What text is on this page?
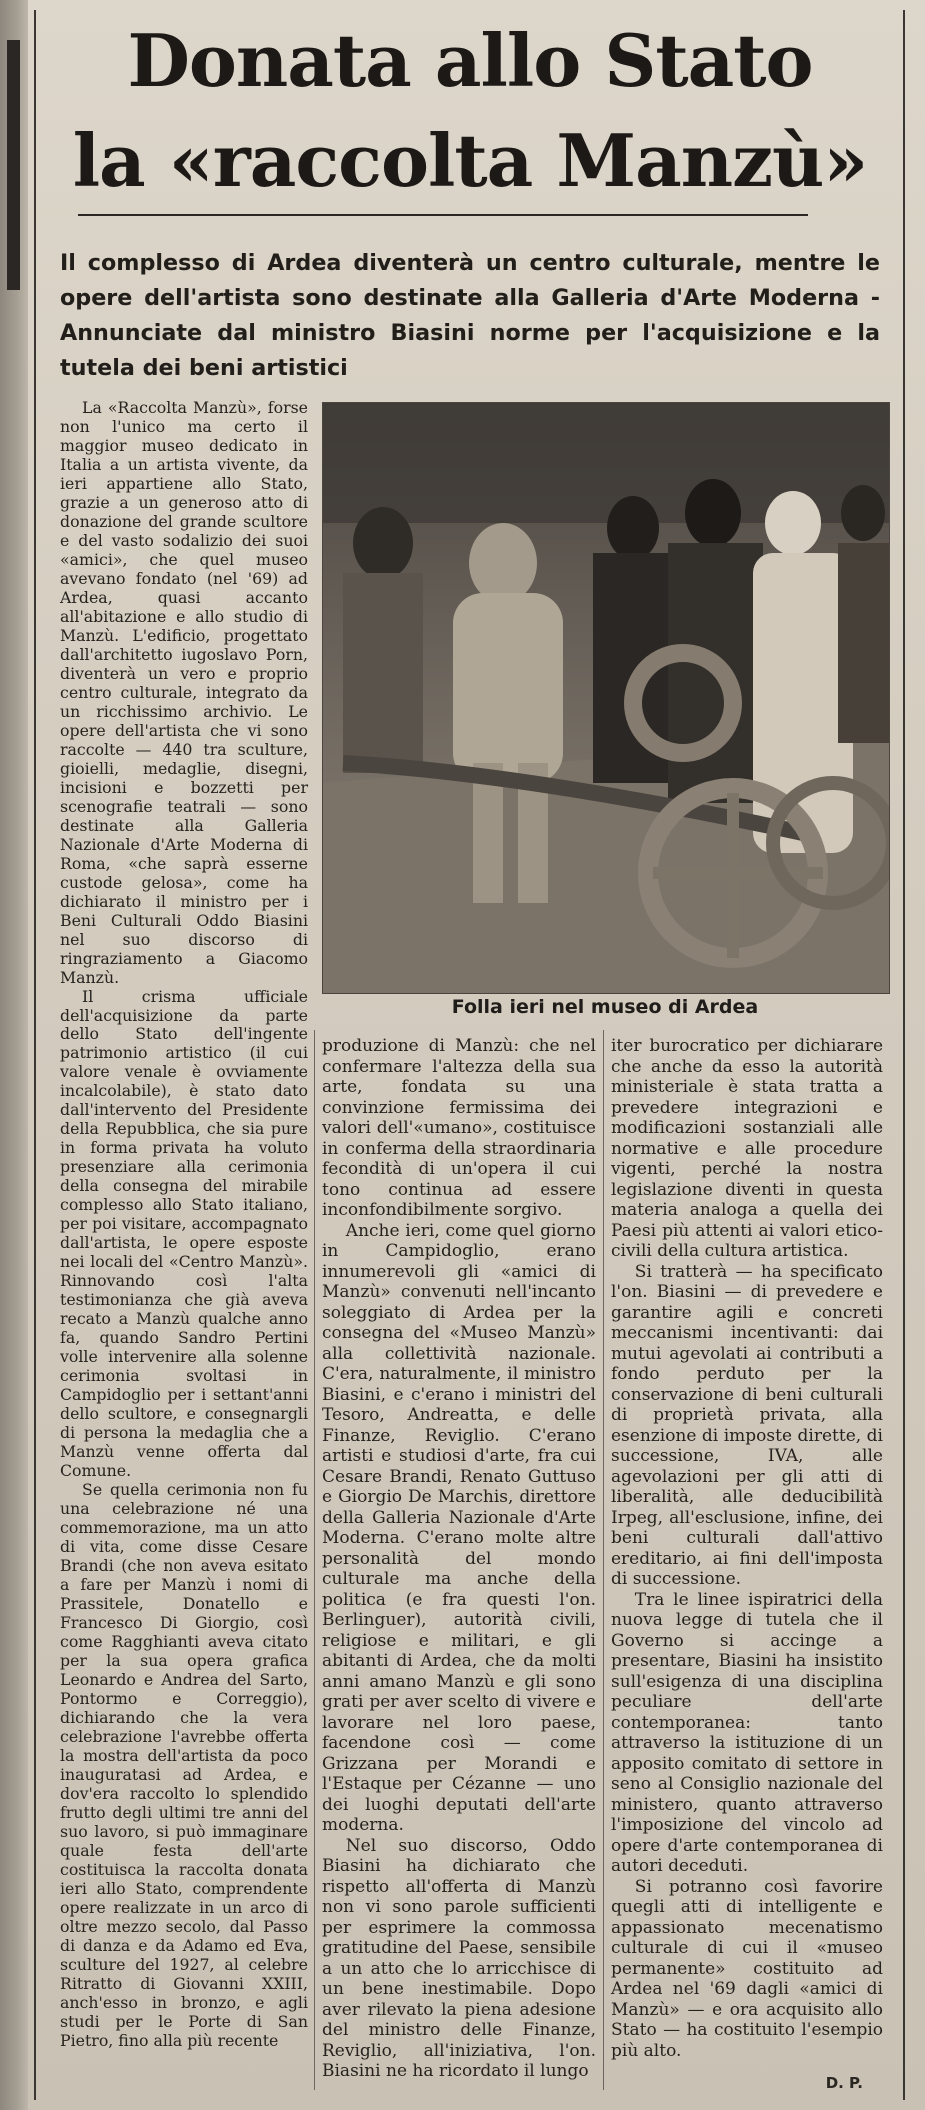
Donata allo Stato
la «raccolta Manzù»
Il complesso di Ardea diventerà un centro culturale, mentre le opere dell'artista sono destinate alla Galleria d'Arte Moderna - Annunciate dal ministro Biasini norme per l'acquisizione e la tutela dei beni artistici

La «Raccolta Manzù», forse non l'unico ma certo il maggior museo dedicato in Italia a un artista vivente, da ieri appartiene allo Stato, grazie a un generoso atto di donazione del grande scultore e del vasto sodalizio dei suoi «amici», che quel museo avevano fondato (nel '69) ad Ardea, quasi accanto all'abitazione e allo studio di Manzù. L'edificio, progettato dall'architetto iugoslavo Porn, diventerà un vero e proprio centro culturale, integrato da un ricchissimo archivio. Le opere dell'artista che vi sono raccolte — 440 tra sculture, gioielli, medaglie, disegni, incisioni e bozzetti per scenografie teatrali — sono destinate alla Galleria Nazionale d'Arte Moderna di Roma, «che saprà esserne custode gelosa», come ha dichiarato il ministro per i Beni Culturali Oddo Biasini nel suo discorso di ringraziamento a Giacomo Manzù.

Il crisma ufficiale dell'acquisizione da parte dello Stato dell'ingente patrimonio artistico (il cui valore venale è ovviamente incalcolabile), è stato dato dall'intervento del Presidente della Repubblica, che sia pure in forma privata ha voluto presenziare alla cerimonia della consegna del mirabile complesso allo Stato italiano, per poi visitare, accompagnato dall'artista, le opere esposte nei locali del «Centro Manzù». Rinnovando così l'alta testimonianza che già aveva recato a Manzù qualche anno fa, quando Sandro Pertini volle intervenire alla solenne cerimonia svoltasi in Campidoglio per i settant'anni dello scultore, e consegnargli di persona la medaglia che a Manzù venne offerta dal Comune.

Se quella cerimonia non fu una celebrazione né una commemorazione, ma un atto di vita, come disse Cesare Brandi (che non aveva esitato a fare per Manzù i nomi di Prassitele, Donatello e Francesco Di Giorgio, così come Ragghianti aveva citato per la sua opera grafica Leonardo e Andrea del Sarto, Pontormo e Correggio), dichiarando che la vera celebrazione l'avrebbe offerta la mostra dell'artista da poco inauguratasi ad Ardea, e dov'era raccolto lo splendido frutto degli ultimi tre anni del suo lavoro, si può immaginare quale festa dell'arte costituisca la raccolta donata ieri allo Stato, comprendente opere realizzate in un arco di oltre mezzo secolo, dal Passo di danza e da Adamo ed Eva, sculture del 1927, al celebre Ritratto di Giovanni XXIII, anch'esso in bronzo, e agli studi per le Porte di San Pietro, fino alla più recente

Folla ieri nel museo di Ardea

produzione di Manzù: che nel confermare l'altezza della sua arte, fondata su una convinzione fermissima dei valori dell'«umano», costituisce in conferma della straordinaria fecondità di un'opera il cui tono continua ad essere inconfondibilmente sorgivo.

Anche ieri, come quel giorno in Campidoglio, erano innumerevoli gli «amici di Manzù» convenuti nell'incanto soleggiato di Ardea per la consegna del «Museo Manzù» alla collettività nazionale. C'era, naturalmente, il ministro Biasini, e c'erano i ministri del Tesoro, Andreatta, e delle Finanze, Reviglio. C'erano artisti e studiosi d'arte, fra cui Cesare Brandi, Renato Guttuso e Giorgio De Marchis, direttore della Galleria Nazionale d'Arte Moderna. C'erano molte altre personalità del mondo culturale ma anche della politica (e fra questi l'on. Berlinguer), autorità civili, religiose e militari, e gli abitanti di Ardea, che da molti anni amano Manzù e gli sono grati per aver scelto di vivere e lavorare nel loro paese, facendone così — come Grizzana per Morandi e l'Estaque per Cézanne — uno dei luoghi deputati dell'arte moderna.

Nel suo discorso, Oddo Biasini ha dichiarato che rispetto all'offerta di Manzù non vi sono parole sufficienti per esprimere la commossa gratitudine del Paese, sensibile a un atto che lo arricchisce di un bene inestimabile. Dopo aver rilevato la piena adesione del ministro delle Finanze, Reviglio, all'iniziativa, l'on. Biasini ne ha ricordato il lungo

iter burocratico per dichiarare che anche da esso la autorità ministeriale è stata tratta a prevedere integrazioni e modificazioni sostanziali alle normative e alle procedure vigenti, perché la nostra legislazione diventi in questa materia analoga a quella dei Paesi più attenti ai valori etico-civili della cultura artistica.

Si tratterà — ha specificato l'on. Biasini — di prevedere e garantire agili e concreti meccanismi incentivanti: dai mutui agevolati ai contributi a fondo perduto per la conservazione di beni culturali di proprietà privata, alla esenzione di imposte dirette, di successione, IVA, alle agevolazioni per gli atti di liberalità, alle deducibilità Irpeg, all'esclusione, infine, dei beni culturali dall'attivo ereditario, ai fini dell'imposta di successione.

Tra le linee ispiratrici della nuova legge di tutela che il Governo si accinge a presentare, Biasini ha insistito sull'esigenza di una disciplina peculiare dell'arte contemporanea: tanto attraverso la istituzione di un apposito comitato di settore in seno al Consiglio nazionale del ministero, quanto attraverso l'imposizione del vincolo ad opere d'arte contemporanea di autori deceduti.

Si potranno così favorire quegli atti di intelligente e appassionato mecenatismo culturale di cui il «museo permanente» costituito ad Ardea nel '69 dagli «amici di Manzù» — e ora acquisito allo Stato — ha costituito l'esempio più alto.

D. P.
